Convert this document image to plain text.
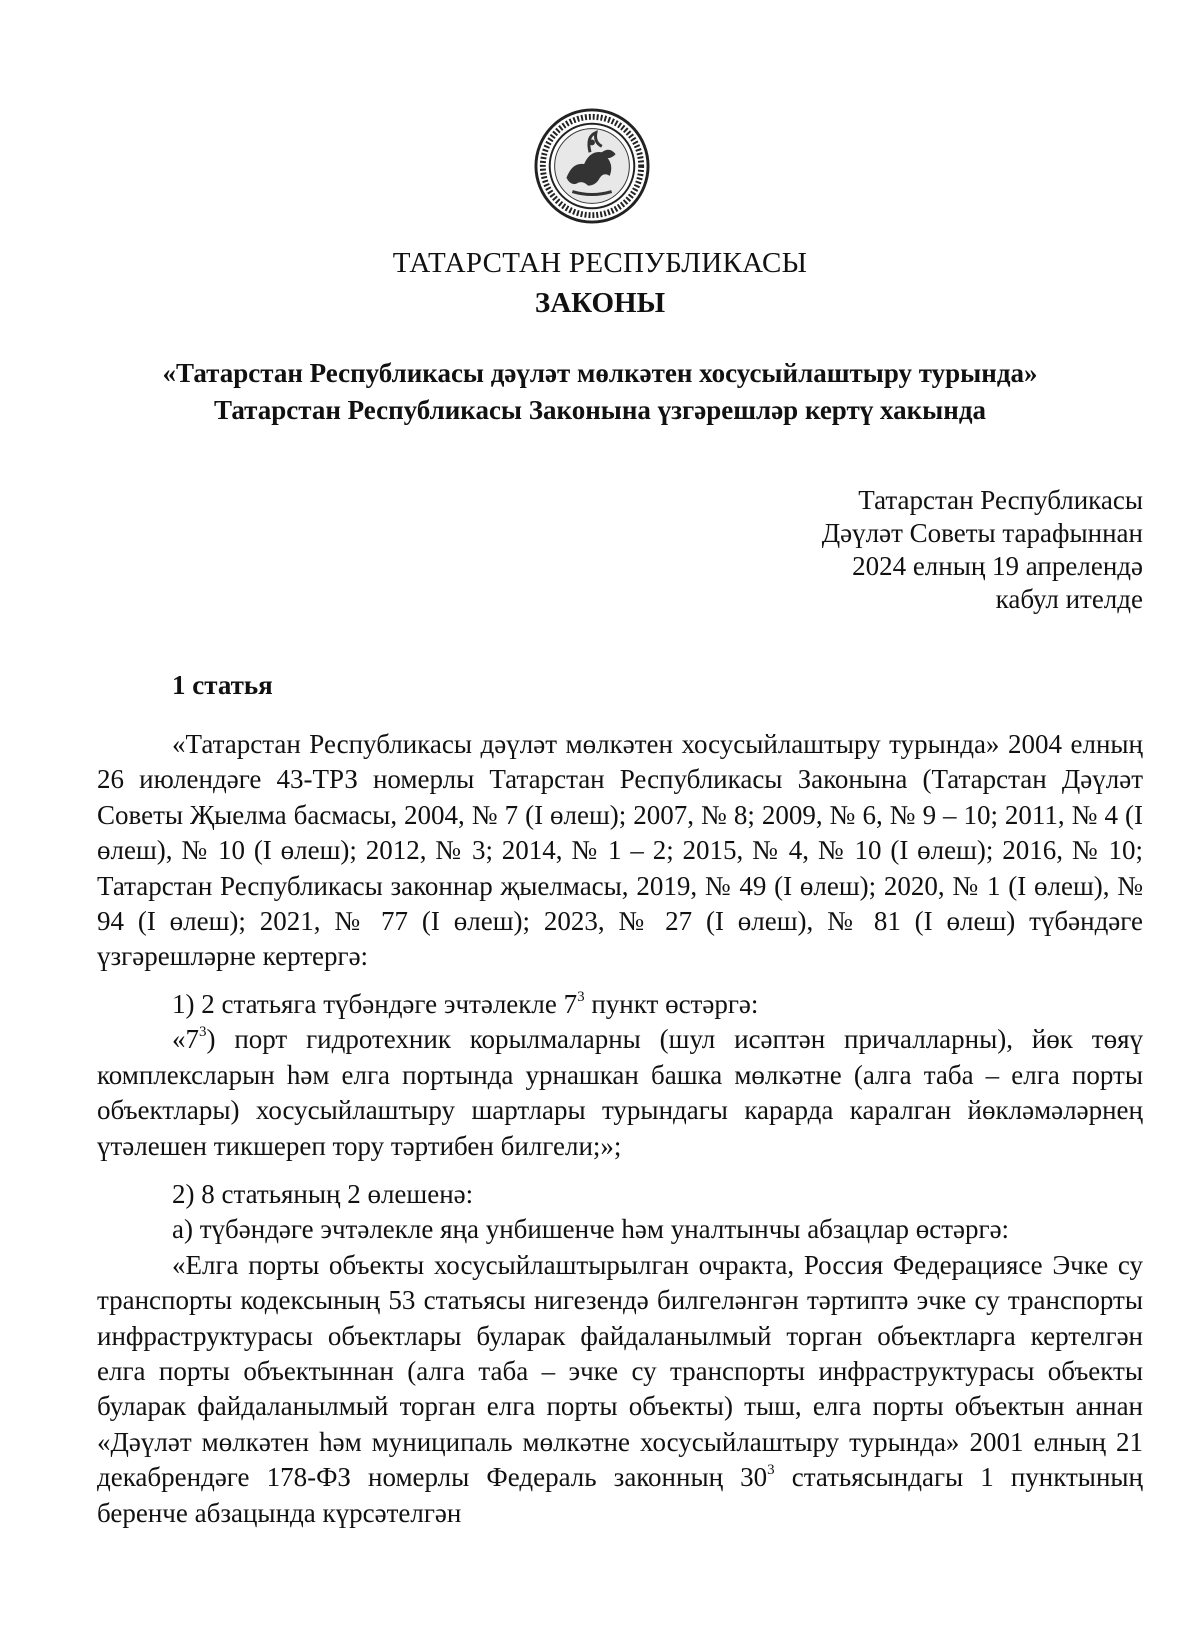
ТАТАРСТАН РЕСПУБЛИКАСЫ
ЗАКОНЫ
«Татарстан Республикасы дәүләт мөлкәтен хосусыйлаштыру турында»
Татарстан Республикасы Законына үзгәрешләр кертү хакында
Татарстан Республикасы
Дәүләт Советы тарафыннан
2024 елның 19 апрелендә
кабул ителде
1 статья

«Татарстан Республикасы дәүләт мөлкәтен хосусыйлаштыру турында» 2004 елның 26 июлендәге 43-ТРЗ номерлы Татарстан Республикасы Законына (Татарстан Дәүләт Советы Җыелма басмасы, 2004, № 7 (I өлеш); 2007, № 8; 2009, № 6, № 9 – 10; 2011, № 4 (I өлеш), № 10 (I өлеш); 2012, № 3; 2014, № 1 – 2; 2015, № 4, № 10 (I өлеш); 2016, № 10; Татарстан Республикасы законнар җыелмасы, 2019, № 49 (I өлеш); 2020, № 1 (I өлеш), № 94 (I өлеш); 2021, № 77 (I өлеш); 2023, № 27 (I өлеш), № 81 (I өлеш) түбәндәге үзгәрешләрне кертергә:

1) 2 статьяга түбәндәге эчтәлекле $7^3$ пункт өстәргә:

«$7^3$) порт гидротехник корылмаларны (шул исәптән причалларны), йөк төяү комплексларын һәм елга портында урнашкан башка мөлкәтне (алга таба – елга порты объектлары) хосусыйлаштыру шартлары турындагы карарда каралган йөкләмәләрнең үтәлешен тикшереп тору тәртибен билгели;»;

2) 8 статьяның 2 өлешенә:

а) түбәндәге эчтәлекле яңа унбишенче һәм уналтынчы абзацлар өстәргә:

«Елга порты объекты хосусыйлаштырылган очракта, Россия Федерациясе Эчке су транспорты кодексының 53 статьясы нигезендә билгеләнгән тәртиптә эчке су транспорты инфраструктурасы объектлары буларак файдаланылмый торган объектларга кертелгән елга порты объектыннан (алга таба – эчке су транспорты инфраструктурасы объекты буларак файдаланылмый торган елга порты объекты) тыш, елга порты объектын аннан «Дәүләт мөлкәтен һәм муниципаль мөлкәтне хосусыйлаштыру турында» 2001 елның 21 декабрендәге 178-ФЗ номерлы Федераль законның $30^3$ статьясындагы 1 пунктының беренче абзацында күрсәтелгән
